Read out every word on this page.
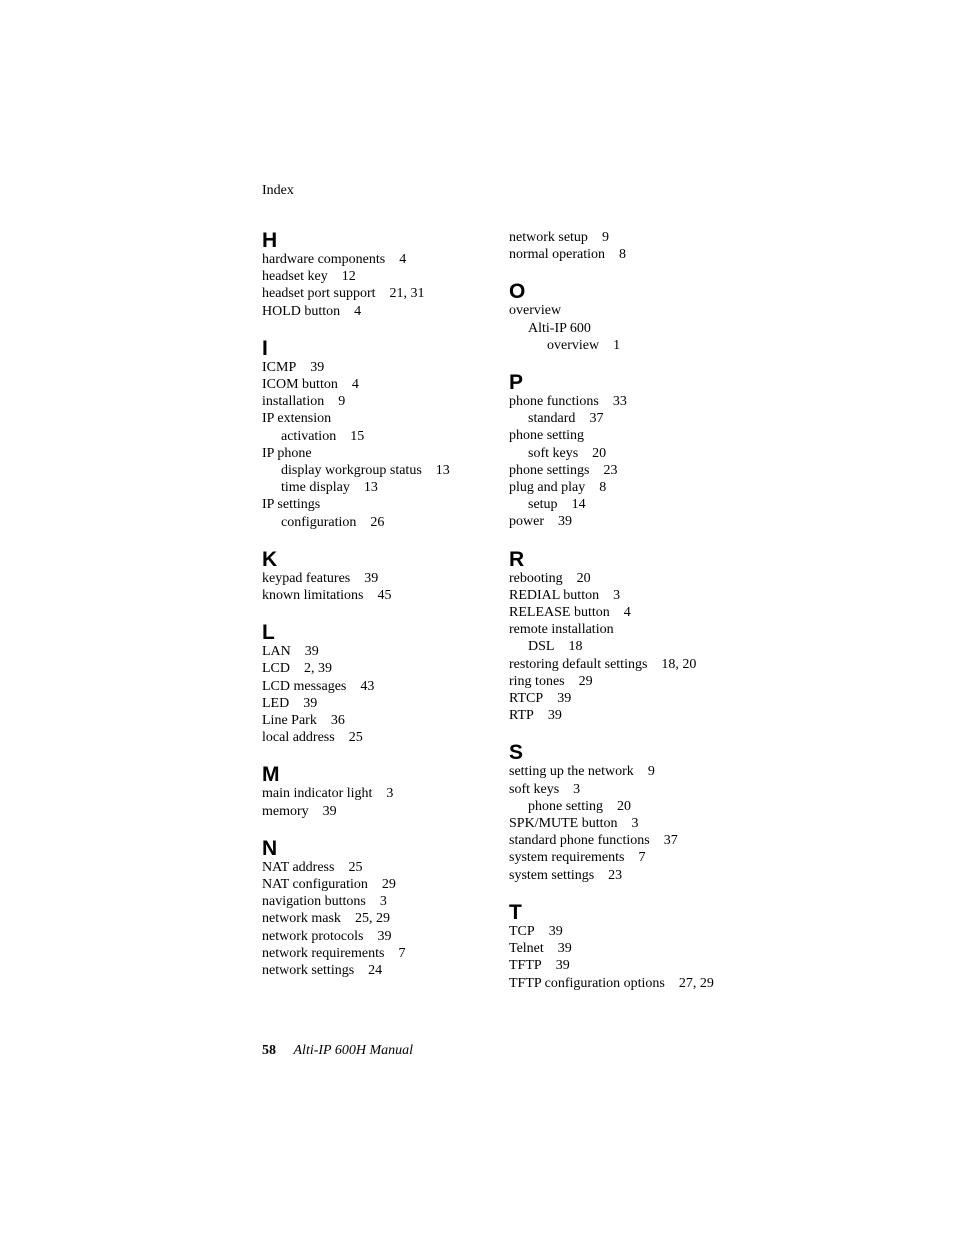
Index
H
hardware components 4
headset key 12
headset port support 21, 31
HOLD button 4
I
ICMP 39
ICOM button 4
installation 9
IP extension
activation 15
IP phone
display workgroup status 13
time display 13
IP settings
configuration 26
K
keypad features 39
known limitations 45
L
LAN 39
LCD 2, 39
LCD messages 43
LED 39
Line Park 36
local address 25
M
main indicator light 3
memory 39
N
NAT address 25
NAT configuration 29
navigation buttons 3
network mask 25, 29
network protocols 39
network requirements 7
network settings 24
network setup 9
normal operation 8
O
overview
Alti-IP 600
overview 1
P
phone functions 33
standard 37
phone setting
soft keys 20
phone settings 23
plug and play 8
setup 14
power 39
R
rebooting 20
REDIAL button 3
RELEASE button 4
remote installation
DSL 18
restoring default settings 18, 20
ring tones 29
RTCP 39
RTP 39
S
setting up the network 9
soft keys 3
phone setting 20
SPK/MUTE button 3
standard phone functions 37
system requirements 7
system settings 23
T
TCP 39
Telnet 39
TFTP 39
TFTP configuration options 27, 29
58 Alti-IP 600H Manual
